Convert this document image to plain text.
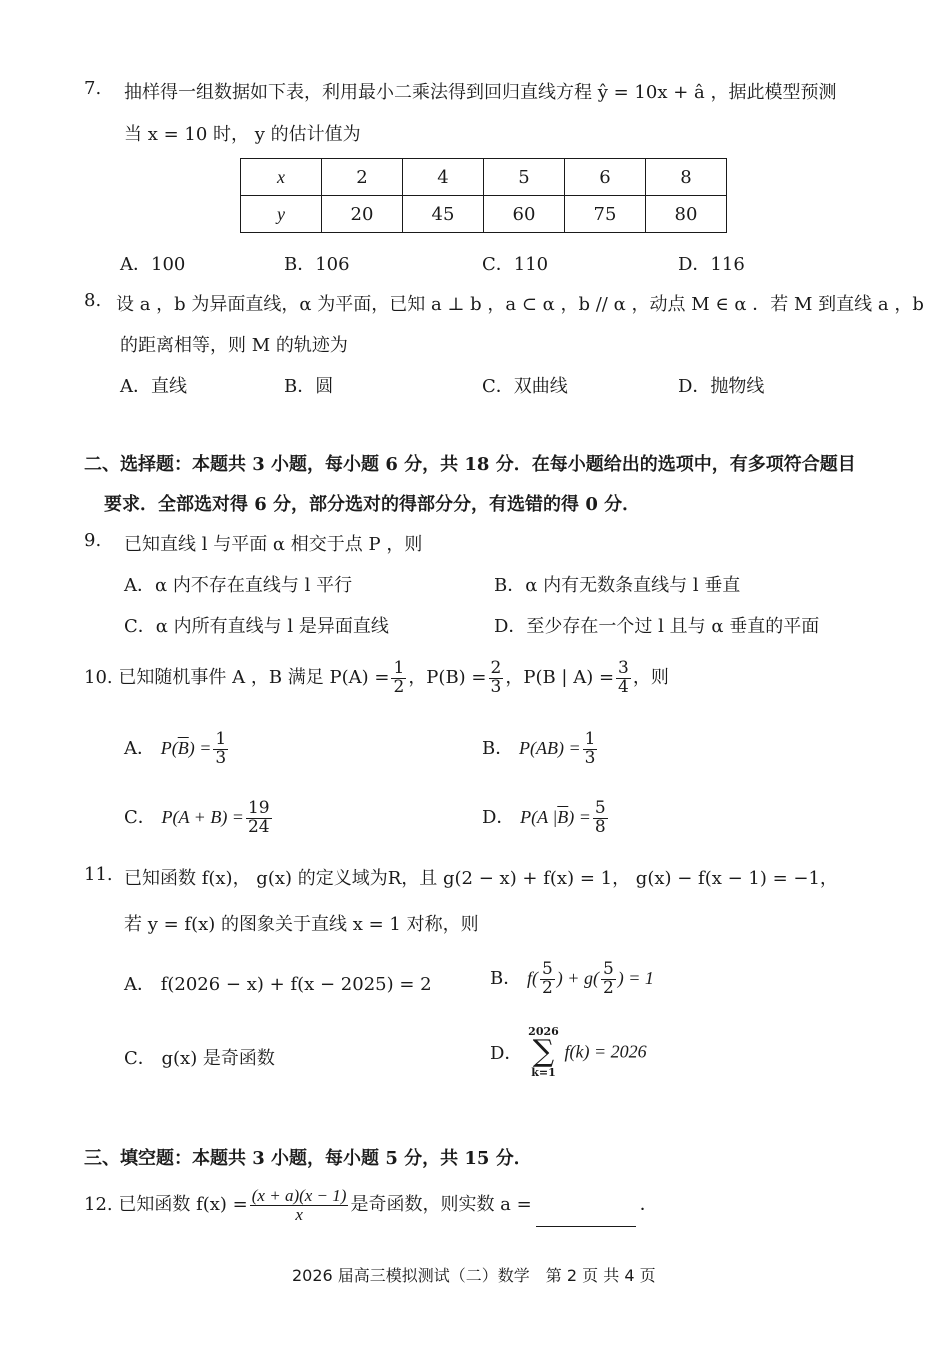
7. 抽样得一组数据如下表，利用最小二乘法得到回归直线方程 ŷ = 10x + â ，据此模型预测
当 x = 10 时， y 的估计值为
x	2	4	5	6	8
y	20	45	60	75	80
A．100	B．106	C．110	D．116
8. 设 a ，b 为异面直线，α 为平面，已知 a ⊥ b ，a ⊂ α ，b // α ，动点 M ∈ α ．若 M 到直线 a ，b
的距离相等，则 M 的轨迹为
A．直线	B．圆	C．双曲线	D．抛物线
二、选择题：本题共 3 小题，每小题 6 分，共 18 分．在每小题给出的选项中，有多项符合题目
要求．全部选对得 6 分，部分选对的得部分分，有选错的得 0 分．
9. 已知直线 l 与平面 α 相交于点 P ，则
A．α 内不存在直线与 l 平行	B．α 内有无数条直线与 l 垂直
C．α 内所有直线与 l 是异面直线	D．至少存在一个过 l 且与 α 垂直的平面
10. 已知随机事件 A ，B 满足 $P(A) = \frac{1}{2}$ ，$P(B) = \frac{2}{3}$ ，P(B | $A) = \frac{3}{4}$ ，则
A． $P(\overline{B}) = \frac{1}{3}$	B． $P(AB) = \frac{1}{3}$
C． $P(A + B) = \frac{19}{24}$	D． P(A $|\overline{B}) = \frac{5}{8}$
11. 已知函数 f(x)， g(x) 的定义域为R，且 g(2 − x) + f(x) = 1， g(x) − f(x − 1) = −1，
若 y = f(x) 的图象关于直线 x = 1 对称，则
A． f(2026 − x) + f(x − 2025) = 2	B． $f( \frac{5}{2}$ ) + $g( \frac{5}{2}$ ) = 1
C． g(x) 是奇函数	D．
2026
∑
k=1
f(k) = 2026
三、填空题：本题共 3 小题，每小题 5 分，共 15 分．
12. 已知函数 $f(x) = \frac{(x + a)(x - 1)}{x}$ 是奇函数，则实数 a =	．
2026 届高三模拟测试（二）数学　第 2 页 共 4 页
